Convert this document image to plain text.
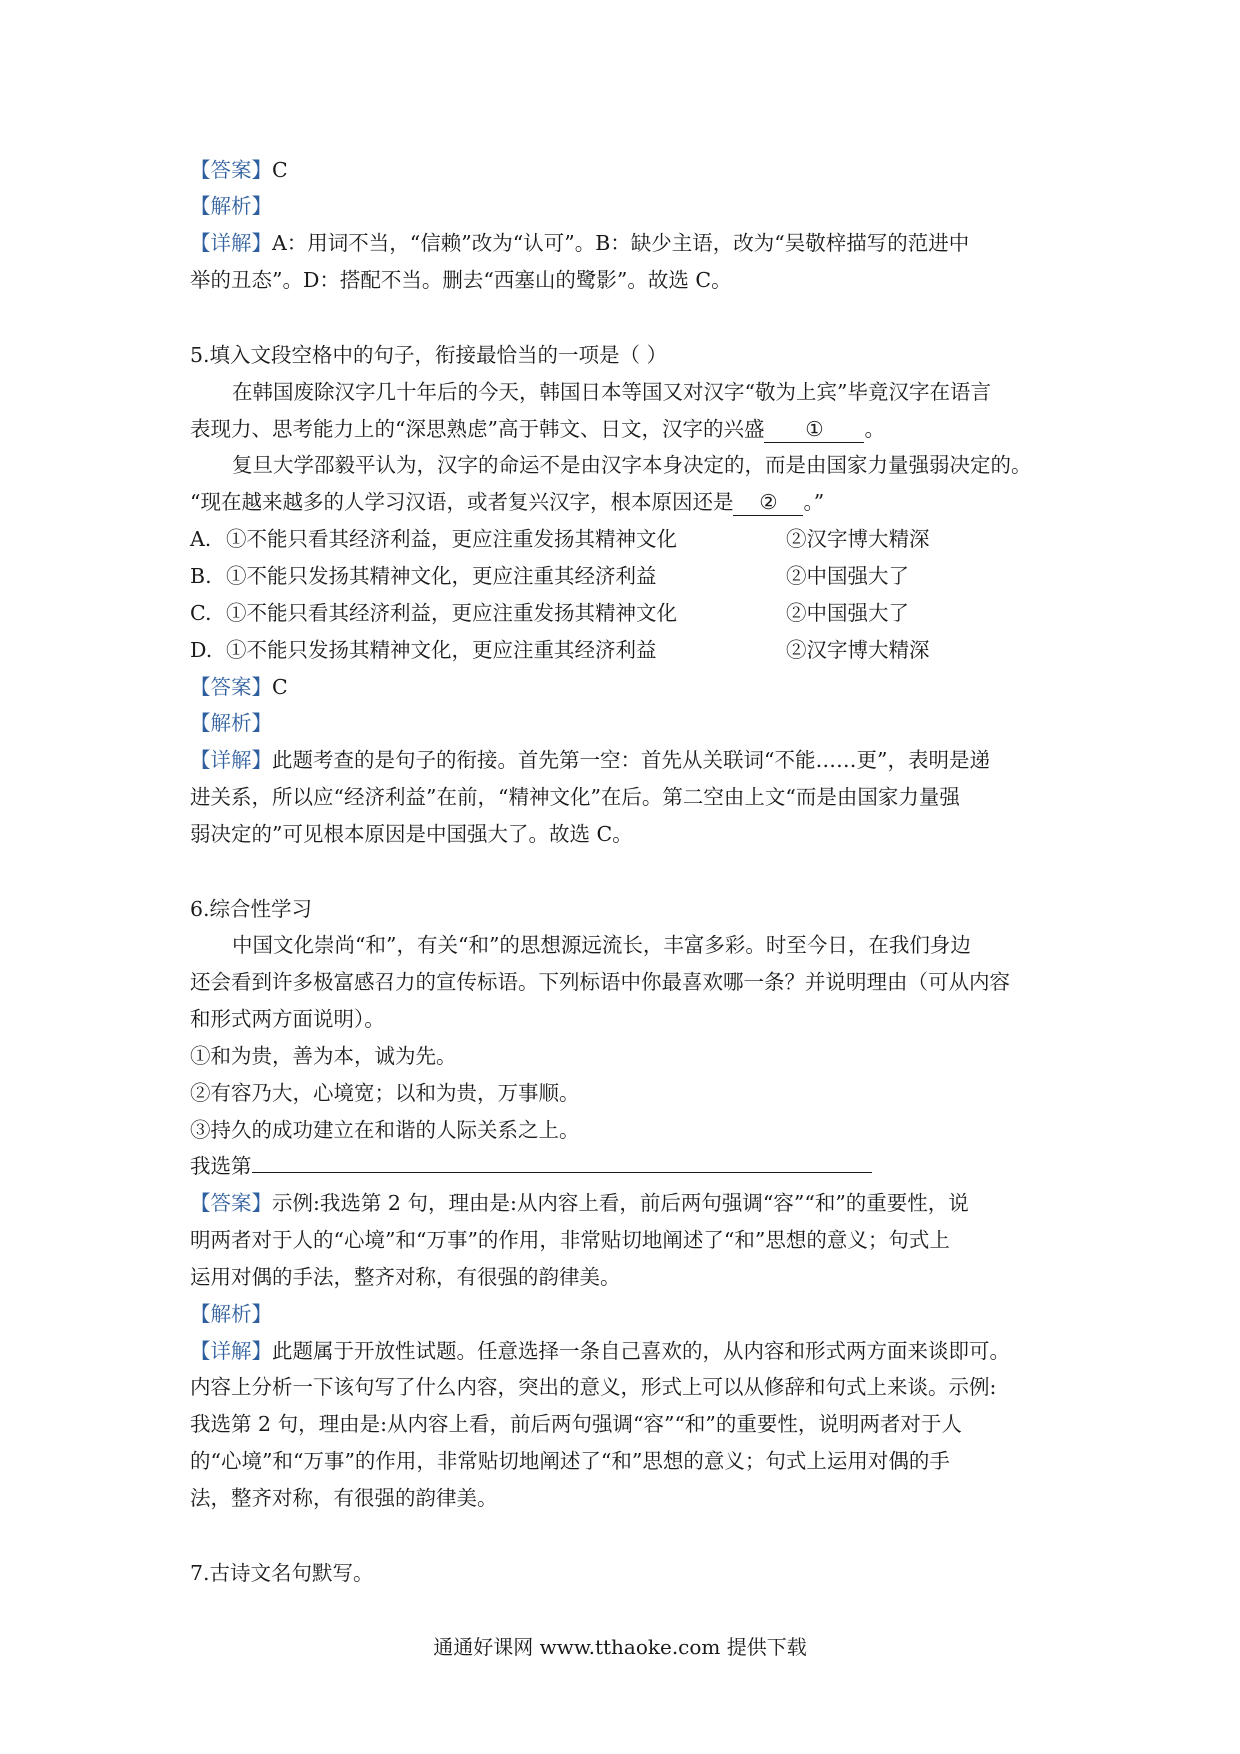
【答案】C
【解析】
【详解】A：用词不当，“信赖”改为“认可”。B：缺少主语，改为“吴敬梓描写的范进中
举的丑态”。D：搭配不当。删去“西塞山的鹭影”。故选 C。
5.填入文段空格中的句子，衔接最恰当的一项是（ ）
在韩国废除汉字几十年后的今天，韩国日本等国又对汉字“敬为上宾”毕竟汉字在语言
表现力、思考能力上的“深思熟虑”高于韩文、日文，汉字的兴盛 ① 。
复旦大学邵毅平认为，汉字的命运不是由汉字本身决定的，而是由国家力量强弱决定的。
“现在越来越多的人学习汉语，或者复兴汉字，根本原因还是 ② 。”
A. ①不能只看其经济利益，更应注重发扬其精神文化	②汉字博大精深
B. ①不能只发扬其精神文化，更应注重其经济利益	②中国强大了
C. ①不能只看其经济利益，更应注重发扬其精神文化	②中国强大了
D. ①不能只发扬其精神文化，更应注重其经济利益	②汉字博大精深
【答案】C
【解析】
【详解】此题考查的是句子的衔接。首先第一空：首先从关联词“不能……更”，表明是递
进关系，所以应“经济利益”在前，“精神文化”在后。第二空由上文“而是由国家力量强
弱决定的”可见根本原因是中国强大了。故选 C。
6.综合性学习
中国文化崇尚“和”，有关“和”的思想源远流长，丰富多彩。时至今日，在我们身边
还会看到许多极富感召力的宣传标语。下列标语中你最喜欢哪一条？并说明理由（可从内容
和形式两方面说明）。
①和为贵，善为本，诚为先。
②有容乃大，心境宽；以和为贵，万事顺。
③持久的成功建立在和谐的人际关系之上。
我选第
【答案】示例:我选第 2 句，理由是:从内容上看，前后两句强调“容”“和”的重要性，说
明两者对于人的“心境”和“万事”的作用，非常贴切地阐述了“和”思想的意义；句式上
运用对偶的手法，整齐对称，有很强的韵律美。
【解析】
【详解】此题属于开放性试题。任意选择一条自己喜欢的，从内容和形式两方面来谈即可。
内容上分析一下该句写了什么内容，突出的意义，形式上可以从修辞和句式上来谈。示例:
我选第 2 句，理由是:从内容上看，前后两句强调“容”“和”的重要性，说明两者对于人
的“心境”和“万事”的作用，非常贴切地阐述了“和”思想的意义；句式上运用对偶的手
法，整齐对称，有很强的韵律美。
7.古诗文名句默写。
通通好课网 www.tthaoke.com 提供下载
